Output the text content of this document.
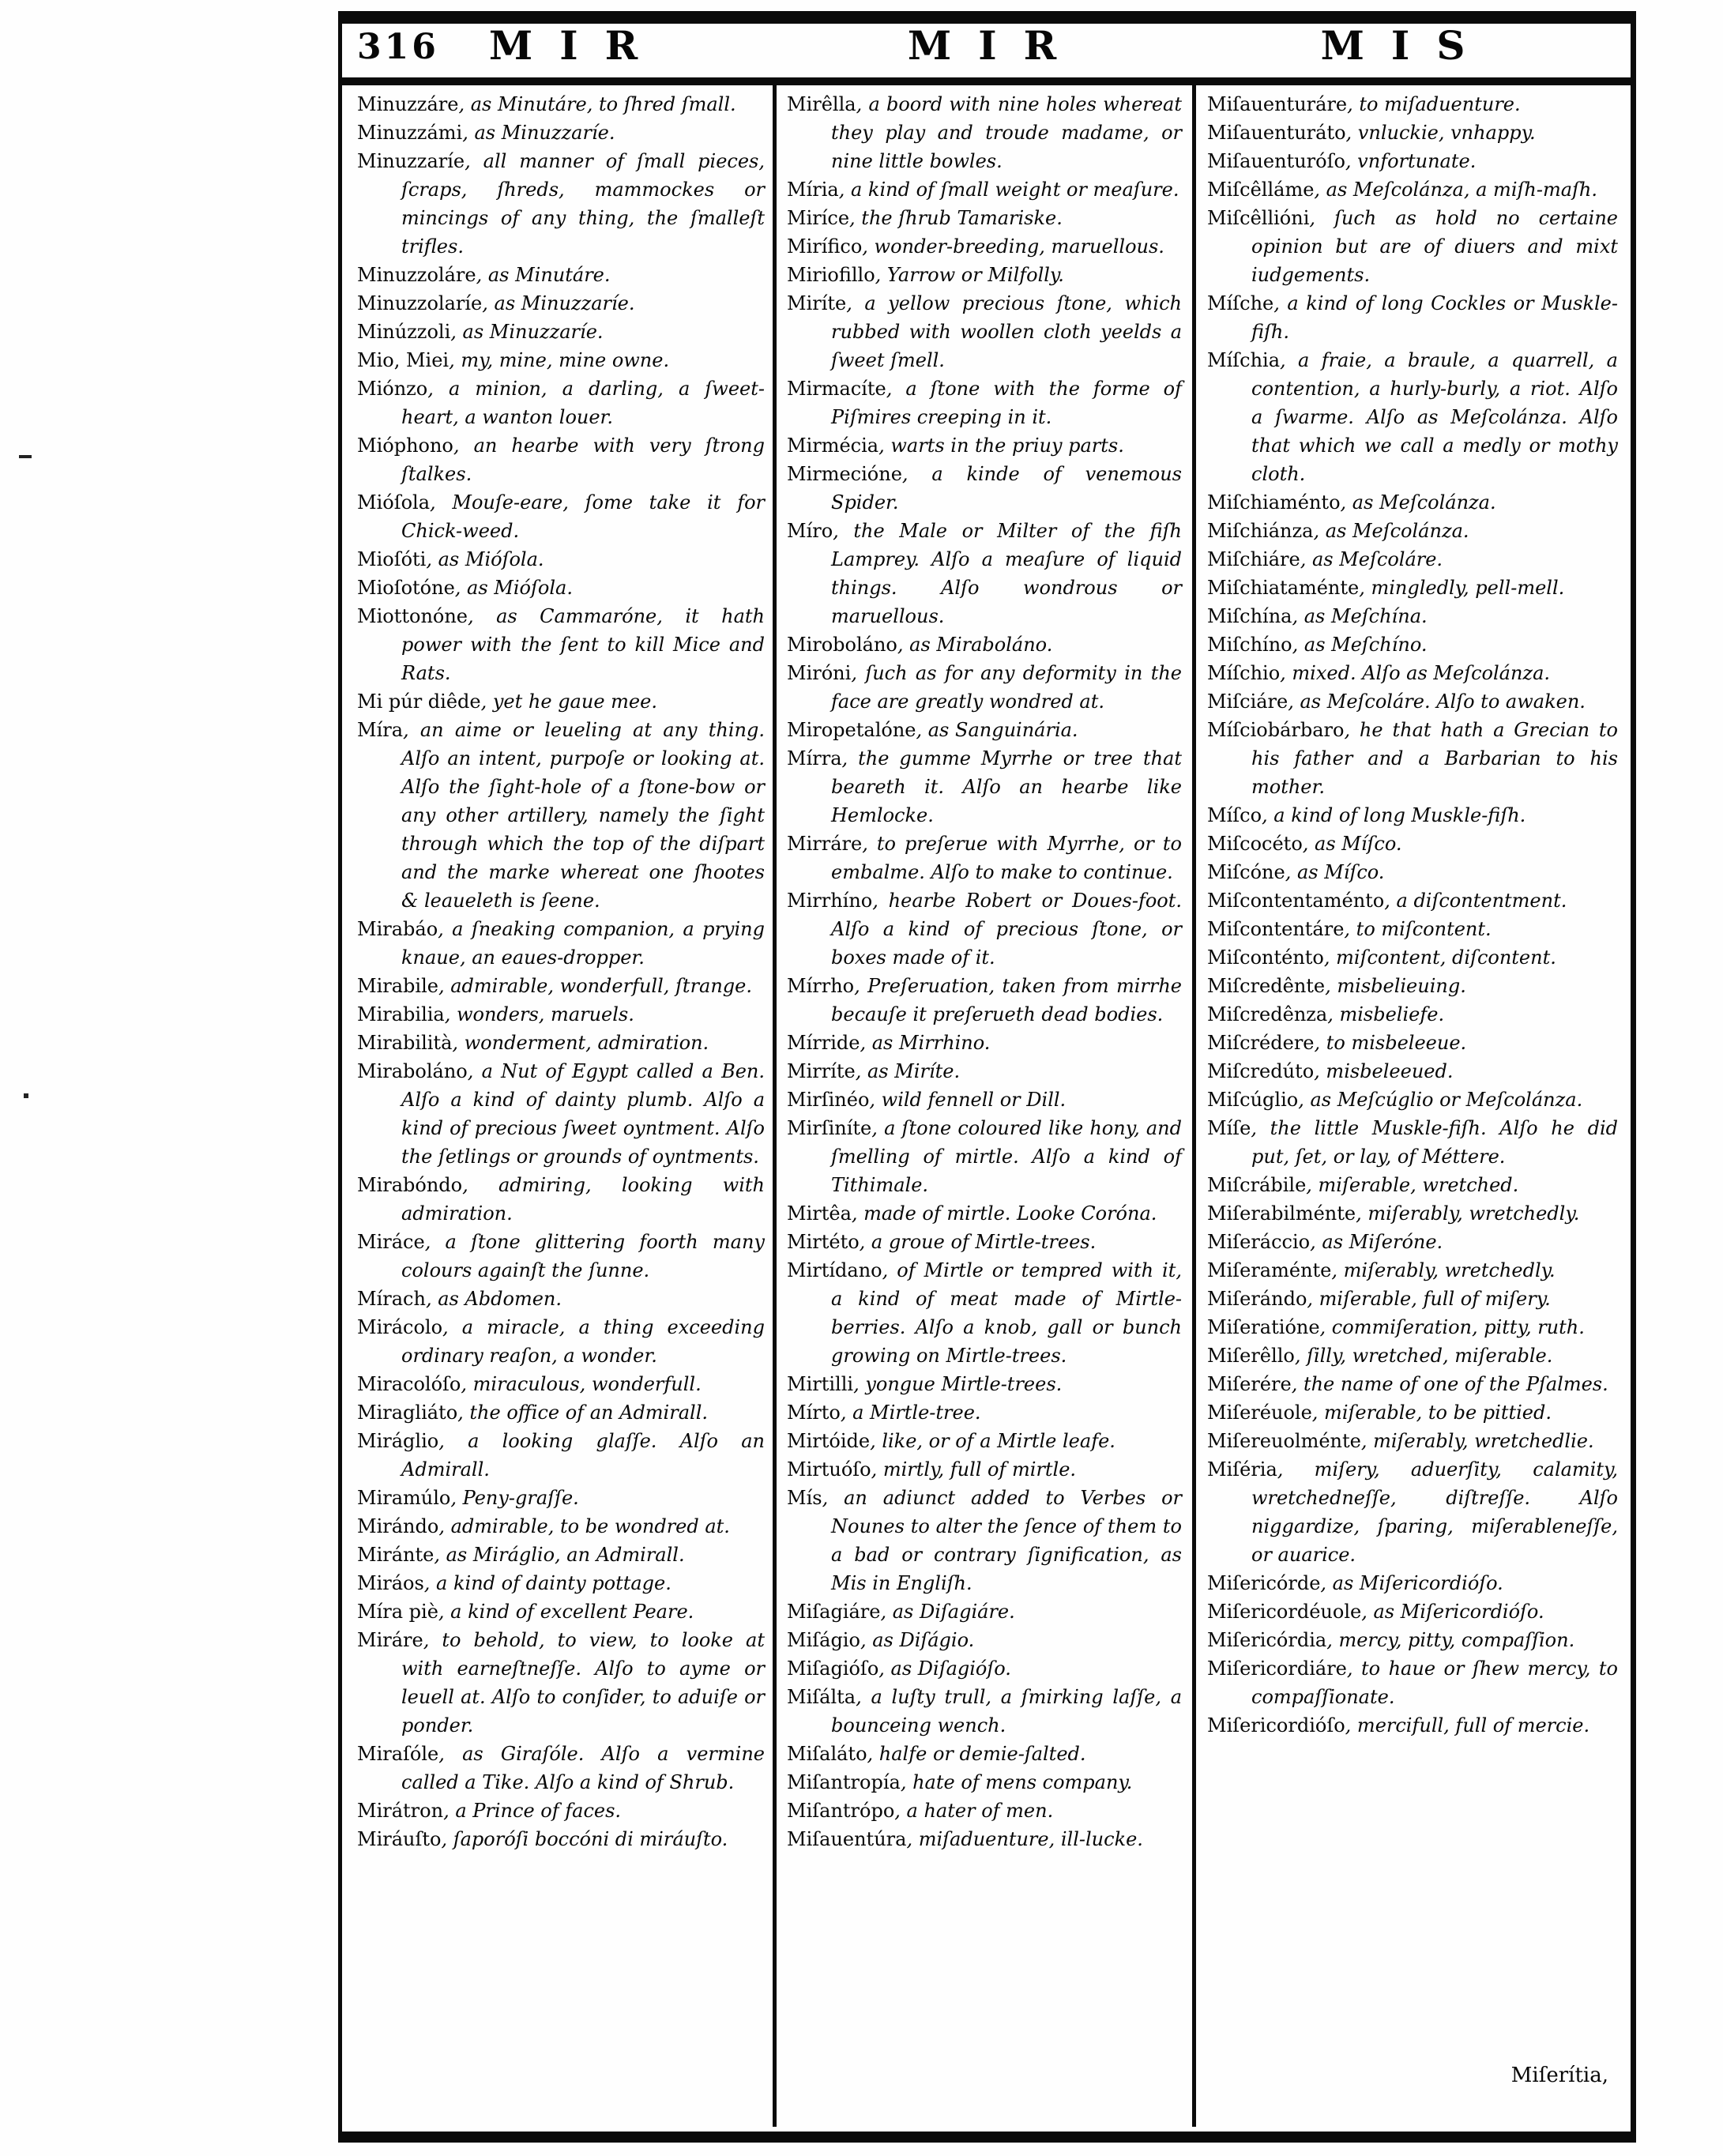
316	MIR	MIR	MIS
Minuzzáre, as Minutáre, to ſhred ſmall.
Minuzzámi, as Minuzzaríe.
Minuzzaríe, all manner of ſmall pieces, ſcraps, ſhreds, mammockes or mincings of any thing, the ſmalleſt trifles.
Minuzzoláre, as Minutáre.
Minuzzolaríe, as Minuzzaríe.
Minúzzoli, as Minuzzaríe.
Mio, Miei, my, mine, mine owne.
Miónzo, a minion, a darling, a ſweet-heart, a wanton louer.
Mióphono, an hearbe with very ſtrong ſtalkes.
Mióſola, Mouſe-eare, ſome take it for Chick-weed.
Mioſóti, as Mióſola.
Mioſotóne, as Mióſola.
Miottonóne, as Cammaróne, it hath power with the ſent to kill Mice and Rats.
Mi púr diêde, yet he gaue mee.
Míra, an aime or leueling at any thing. Alſo an intent, purpoſe or looking at. Alſo the ſight-hole of a ſtone-bow or any other artillery, namely the ſight through which the top of the diſpart and the marke whereat one ſhootes & leaueleth is ſeene.
Mirabáo, a ſneaking companion, a prying knaue, an eaues-dropper.
Mirabile, admirable, wonderfull, ſtrange.
Mirabilia, wonders, maruels.
Mirabilità, wonderment, admiration.
Miraboláno, a Nut of Egypt called a Ben. Alſo a kind of dainty plumb. Alſo a kind of precious ſweet oyntment. Alſo the ſetlings or grounds of oyntments.
Mirabóndo, admiring, looking with admiration.
Miráce, a ſtone glittering foorth many colours againſt the ſunne.
Mírach, as Abdomen.
Mirácolo, a miracle, a thing exceeding ordinary reaſon, a wonder.
Miracolóſo, miraculous, wonderfull.
Miragliáto, the office of an Admirall.
Miráglio, a looking glaſſe. Alſo an Admirall.
Miramúlo, Peny-graſſe.
Mirándo, admirable, to be wondred at.
Miránte, as Miráglio, an Admirall.
Miráos, a kind of dainty pottage.
Míra piè, a kind of excellent Peare.
Miráre, to behold, to view, to looke at with earneſtneſſe. Alſo to ayme or leuell at. Alſo to conſider, to aduiſe or ponder.
Miraſóle, as Giraſóle. Alſo a vermine called a Tike. Alſo a kind of Shrub.
Mirátron, a Prince of faces.
Miráuſto, ſaporóſi boccóni di miráuſto.
Mirêlla, a boord with nine holes whereat they play and troude madame, or nine little bowles.
Míria, a kind of ſmall weight or meaſure.
Miríce, the ſhrub Tamariske.
Mirífico, wonder-breeding, maruellous.
Miriofillo, Yarrow or Milfolly.
Miríte, a yellow precious ſtone, which rubbed with woollen cloth yeelds a ſweet ſmell.
Mirmacíte, a ſtone with the forme of Piſmires creeping in it.
Mirmécia, warts in the priuy parts.
Mirmecióne, a kinde of venemous Spider.
Míro, the Male or Milter of the fiſh Lamprey. Alſo a meaſure of liquid things. Alſo wondrous or maruellous.
Miroboláno, as Miraboláno.
Miróni, ſuch as for any deformity in the face are greatly wondred at.
Miropetalóne, as Sanguinária.
Mírra, the gumme Myrrhe or tree that beareth it. Alſo an hearbe like Hemlocke.
Mirráre, to preſerue with Myrrhe, or to embalme. Alſo to make to continue.
Mirrhíno, hearbe Robert or Doues-foot. Alſo a kind of precious ſtone, or boxes made of it.
Mírrho, Preſeruation, taken from mirrhe becauſe it preſerueth dead bodies.
Mírride, as Mirrhino.
Mirríte, as Miríte.
Mirſinéo, wild fennell or Dill.
Mirſiníte, a ſtone coloured like hony, and ſmelling of mirtle. Alſo a kind of Tithimale.
Mirtêa, made of mirtle. Looke Coróna.
Mirtéto, a groue of Mirtle-trees.
Mirtídano, of Mirtle or tempred with it, a kind of meat made of Mirtle-berries. Alſo a knob, gall or bunch growing on Mirtle-trees.
Mirtilli, yongue Mirtle-trees.
Mírto, a Mirtle-tree.
Mirtóide, like, or of a Mirtle leafe.
Mirtuóſo, mirtly, full of mirtle.
Mís, an adiunct added to Verbes or Nounes to alter the ſence of them to a bad or contrary ſignification, as Mis in Engliſh.
Miſagiáre, as Diſagiáre.
Miſágio, as Diſágio.
Miſagióſo, as Diſagióſo.
Miſálta, a luſty trull, a ſmirking laſſe, a bounceing wench.
Miſaláto, halfe or demie-ſalted.
Miſantropía, hate of mens company.
Miſantrópo, a hater of men.
Miſauentúra, miſaduenture, ill-lucke.
Miſauenturáre, to miſaduenture.
Miſauenturáto, vnluckie, vnhappy.
Miſauenturóſo, vnfortunate.
Miſcêlláme, as Meſcolánza, a miſh-maſh.
Miſcêllióni, ſuch as hold no certaine opinion but are of diuers and mixt iudgements.
Míſche, a kind of long Cockles or Muskle-fiſh.
Míſchia, a fraie, a braule, a quarrell, a contention, a hurly-burly, a riot. Alſo a ſwarme. Alſo as Meſcolánza. Alſo that which we call a medly or mothy cloth.
Miſchiaménto, as Meſcolánza.
Miſchiánza, as Meſcolánza.
Miſchiáre, as Meſcoláre.
Miſchiataménte, mingledly, pell-mell.
Miſchína, as Meſchína.
Miſchíno, as Meſchíno.
Míſchio, mixed. Alſo as Meſcolánza.
Miſciáre, as Meſcoláre. Alſo to awaken.
Míſciobárbaro, he that hath a Grecian to his father and a Barbarian to his mother.
Míſco, a kind of long Muskle-fiſh.
Miſcocéto, as Míſco.
Miſcóne, as Míſco.
Miſcontentaménto, a diſcontentment.
Miſcontentáre, to miſcontent.
Miſconténto, miſcontent, diſcontent.
Miſcredênte, misbelieuing.
Miſcredênza, misbeliefe.
Miſcrédere, to misbeleeue.
Miſcredúto, misbeleeued.
Miſcúglio, as Meſcúglio or Meſcolánza.
Míſe, the little Muskle-fiſh. Alſo he did put, ſet, or lay, of Méttere.
Miſcrábile, miſerable, wretched.
Miſerabilménte, miſerably, wretchedly.
Miſeráccio, as Miſeróne.
Miſeraménte, miſerably, wretchedly.
Miſerándo, miſerable, full of miſery.
Miſeratióne, commiſeration, pitty, ruth.
Miſerêllo, ſilly, wretched, miſerable.
Miſerére, the name of one of the Pſalmes.
Miſeréuole, miſerable, to be pittied.
Miſereuolménte, miſerably, wretchedlie.
Miſéria, miſery, aduerſity, calamity, wretchedneſſe, diſtreſſe. Alſo niggardize, ſparing, miſerableneſſe, or auarice.
Miſericórde, as Miſericordióſo.
Miſericordéuole, as Miſericordióſo.
Miſericórdia, mercy, pitty, compaſſion.
Miſericordiáre, to haue or ſhew mercy, to compaſſionate.
Miſericordióſo, mercifull, full of mercie.
Miſerítia,
